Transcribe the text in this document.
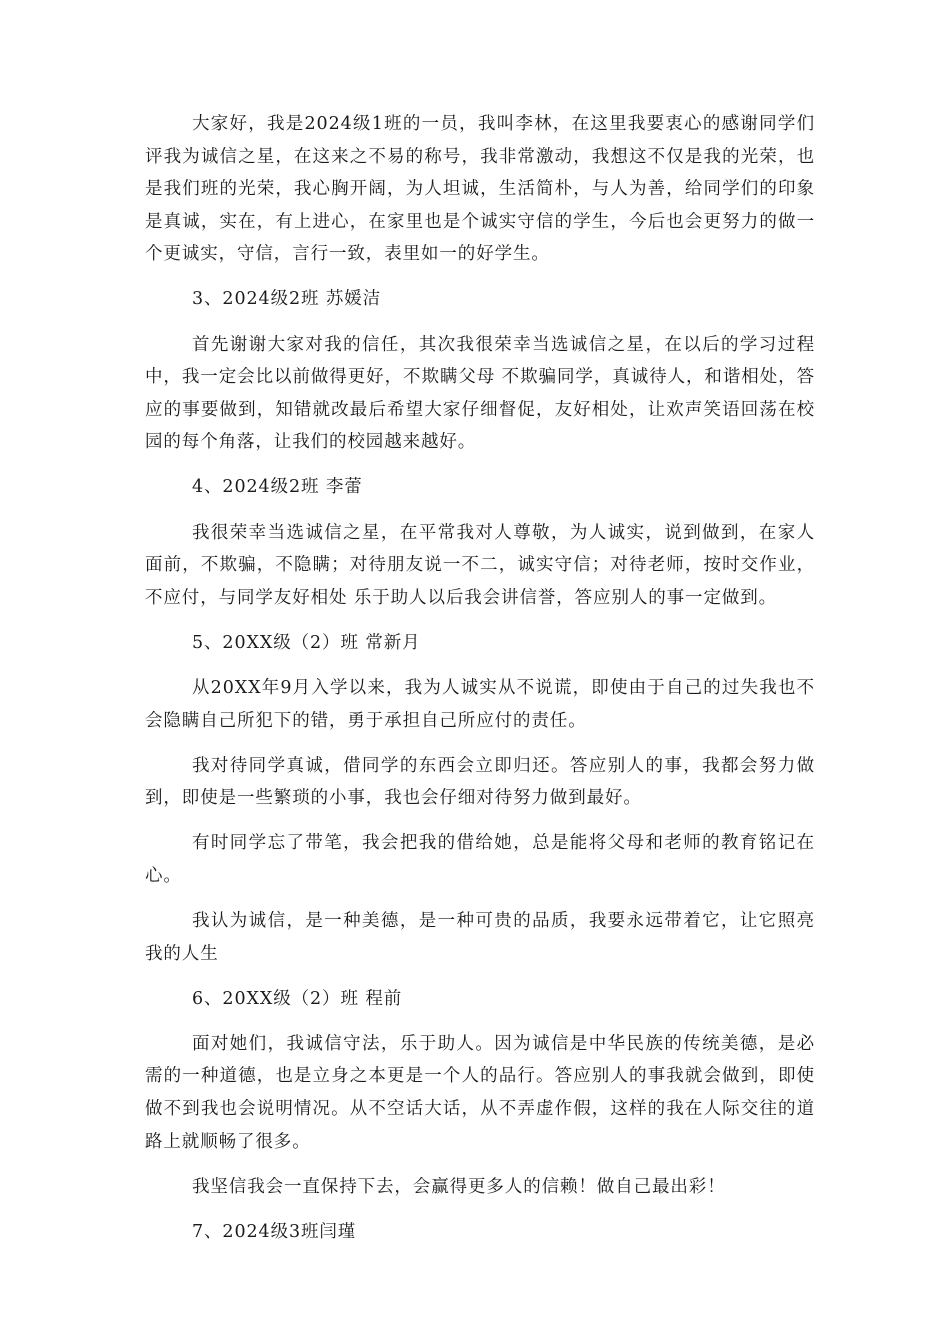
大家好，我是2024级1班的一员，我叫李林，在这里我要衷心的感谢同学们评我为诚信之星，在这来之不易的称号，我非常激动，我想这不仅是我的光荣，也是我们班的光荣，我心胸开阔，为人坦诚，生活简朴，与人为善，给同学们的印象是真诚，实在，有上进心，在家里也是个诚实守信的学生，今后也会更努力的做一个更诚实，守信，言行一致，表里如一的好学生。

3、2024级2班 苏媛洁

首先谢谢大家对我的信任，其次我很荣幸当选诚信之星，在以后的学习过程中，我一定会比以前做得更好，不欺瞒父母 不欺骗同学，真诚待人，和谐相处，答应的事要做到，知错就改最后希望大家仔细督促，友好相处，让欢声笑语回荡在校园的每个角落，让我们的校园越来越好。

4、2024级2班 李蕾

我很荣幸当选诚信之星，在平常我对人尊敬，为人诚实，说到做到，在家人面前，不欺骗，不隐瞒；对待朋友说一不二，诚实守信；对待老师，按时交作业，不应付，与同学友好相处 乐于助人以后我会讲信誉，答应别人的事一定做到。

5、20XX级（2）班 常新月

从20XX年9月入学以来，我为人诚实从不说谎，即使由于自己的过失我也不会隐瞒自己所犯下的错，勇于承担自己所应付的责任。

我对待同学真诚，借同学的东西会立即归还。答应别人的事，我都会努力做到，即使是一些繁琐的小事，我也会仔细对待努力做到最好。

有时同学忘了带笔，我会把我的借给她，总是能将父母和老师的教育铭记在心。

我认为诚信，是一种美德，是一种可贵的品质，我要永远带着它，让它照亮我的人生

6、20XX级（2）班 程前

面对她们，我诚信守法，乐于助人。因为诚信是中华民族的传统美德，是必需的一种道德，也是立身之本更是一个人的品行。答应别人的事我就会做到，即使做不到我也会说明情况。从不空话大话，从不弄虚作假，这样的我在人际交往的道路上就顺畅了很多。

我坚信我会一直保持下去，会赢得更多人的信赖！做自己最出彩！

7、2024级3班闫瑾
